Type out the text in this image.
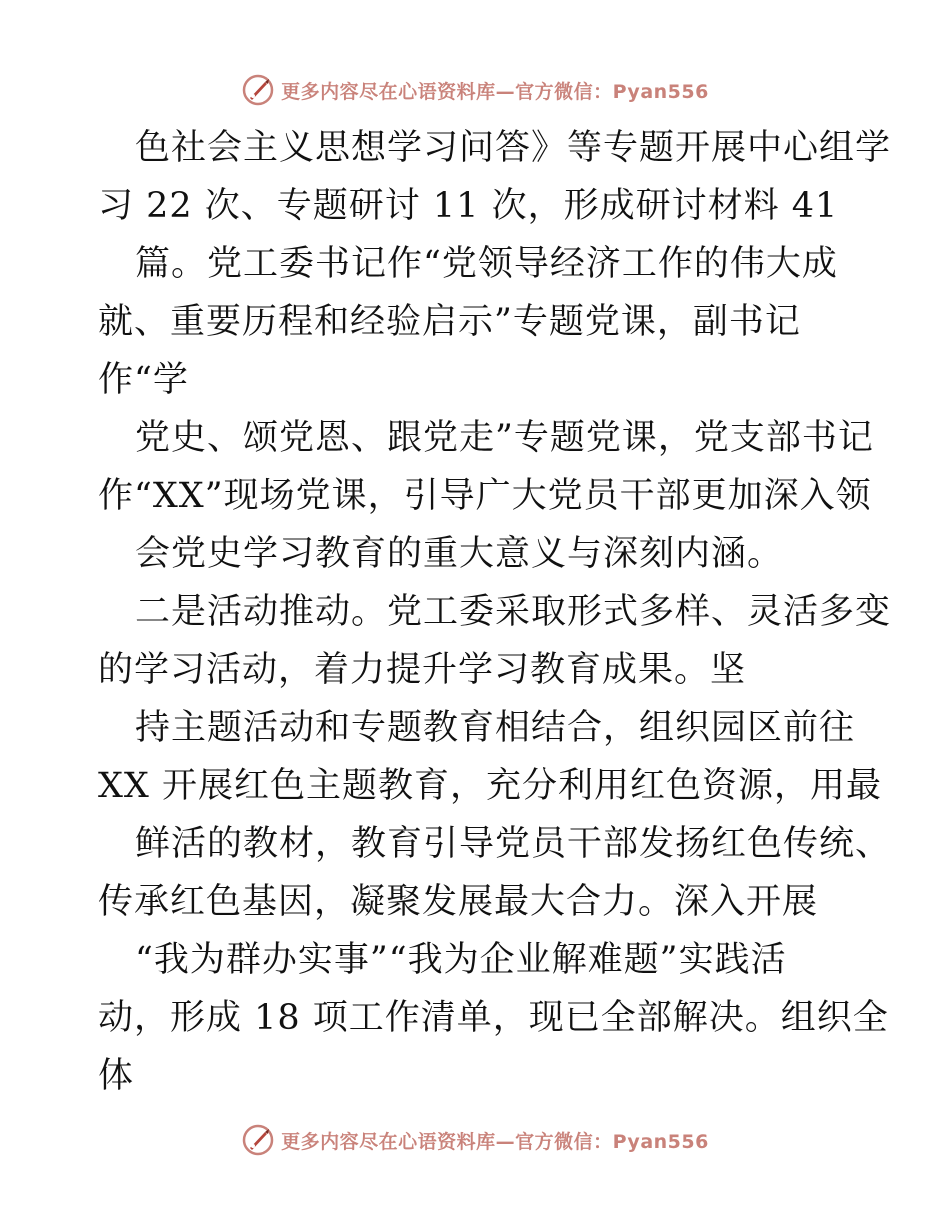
更多内容尽在心语资料库—官方微信：Pyan556
色社会主义思想学习问答》等专题开展中心组学
习 22 次、专题研讨 11 次，形成研讨材料 41
篇。党工委书记作“党领导经济工作的伟大成
就、重要历程和经验启示”专题党课，副书记
作“学
党史、颂党恩、跟党走”专题党课，党支部书记
作“XX”现场党课，引导广大党员干部更加深入领
会党史学习教育的重大意义与深刻内涵。
二是活动推动。党工委采取形式多样、灵活多变
的学习活动，着力提升学习教育成果。坚
持主题活动和专题教育相结合，组织园区前往
XX 开展红色主题教育，充分利用红色资源，用最
鲜活的教材，教育引导党员干部发扬红色传统、
传承红色基因，凝聚发展最大合力。深入开展
“我为群办实事”“我为企业解难题”实践活
动，形成 18 项工作清单，现已全部解决。组织全
体
更多内容尽在心语资料库—官方微信：Pyan556
